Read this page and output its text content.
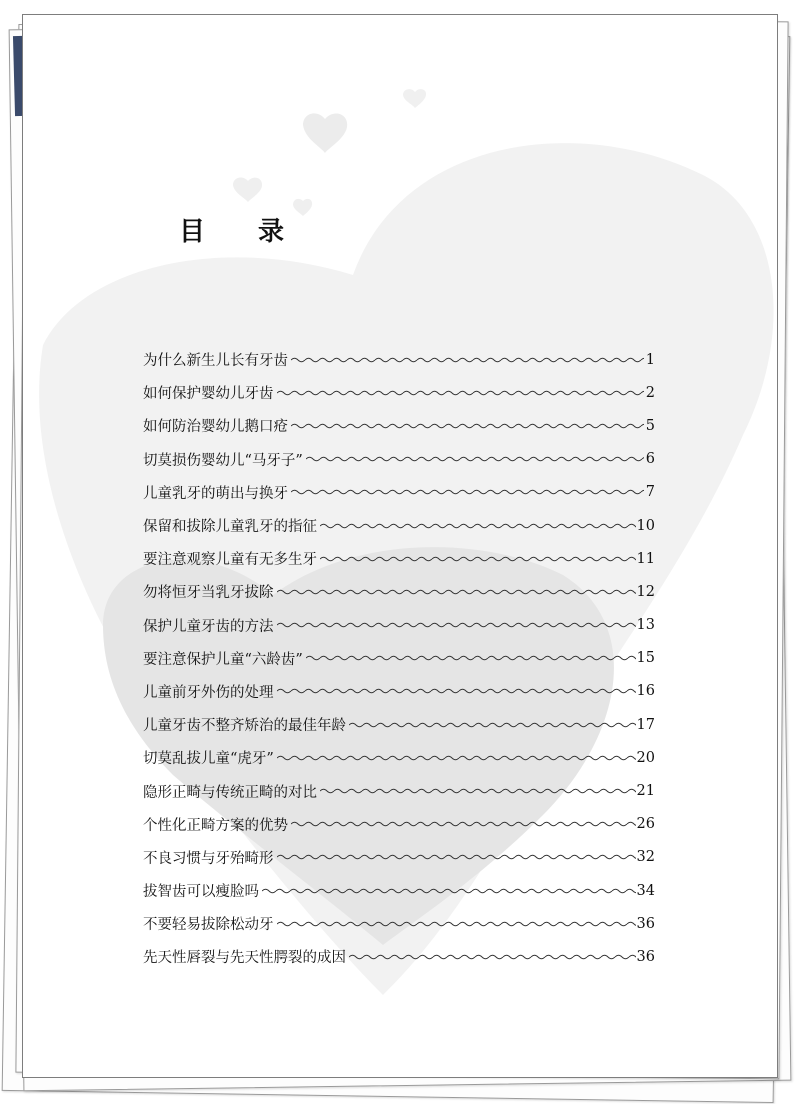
目 录
为什么新生儿长有牙齿	1
如何保护婴幼儿牙齿	2
如何防治婴幼儿鹅口疮	5
切莫损伤婴幼儿“马牙子”	6
儿童乳牙的萌出与换牙	7
保留和拔除儿童乳牙的指征	10
要注意观察儿童有无多生牙	11
勿将恒牙当乳牙拔除	12
保护儿童牙齿的方法	13
要注意保护儿童“六龄齿”	15
儿童前牙外伤的处理	16
儿童牙齿不整齐矫治的最佳年龄	17
切莫乱拔儿童“虎牙”	20
隐形正畸与传统正畸的对比	21
个性化正畸方案的优势	26
不良习惯与牙殆畸形	32
拔智齿可以瘦脸吗	34
不要轻易拔除松动牙	36
先天性唇裂与先天性腭裂的成因	36
